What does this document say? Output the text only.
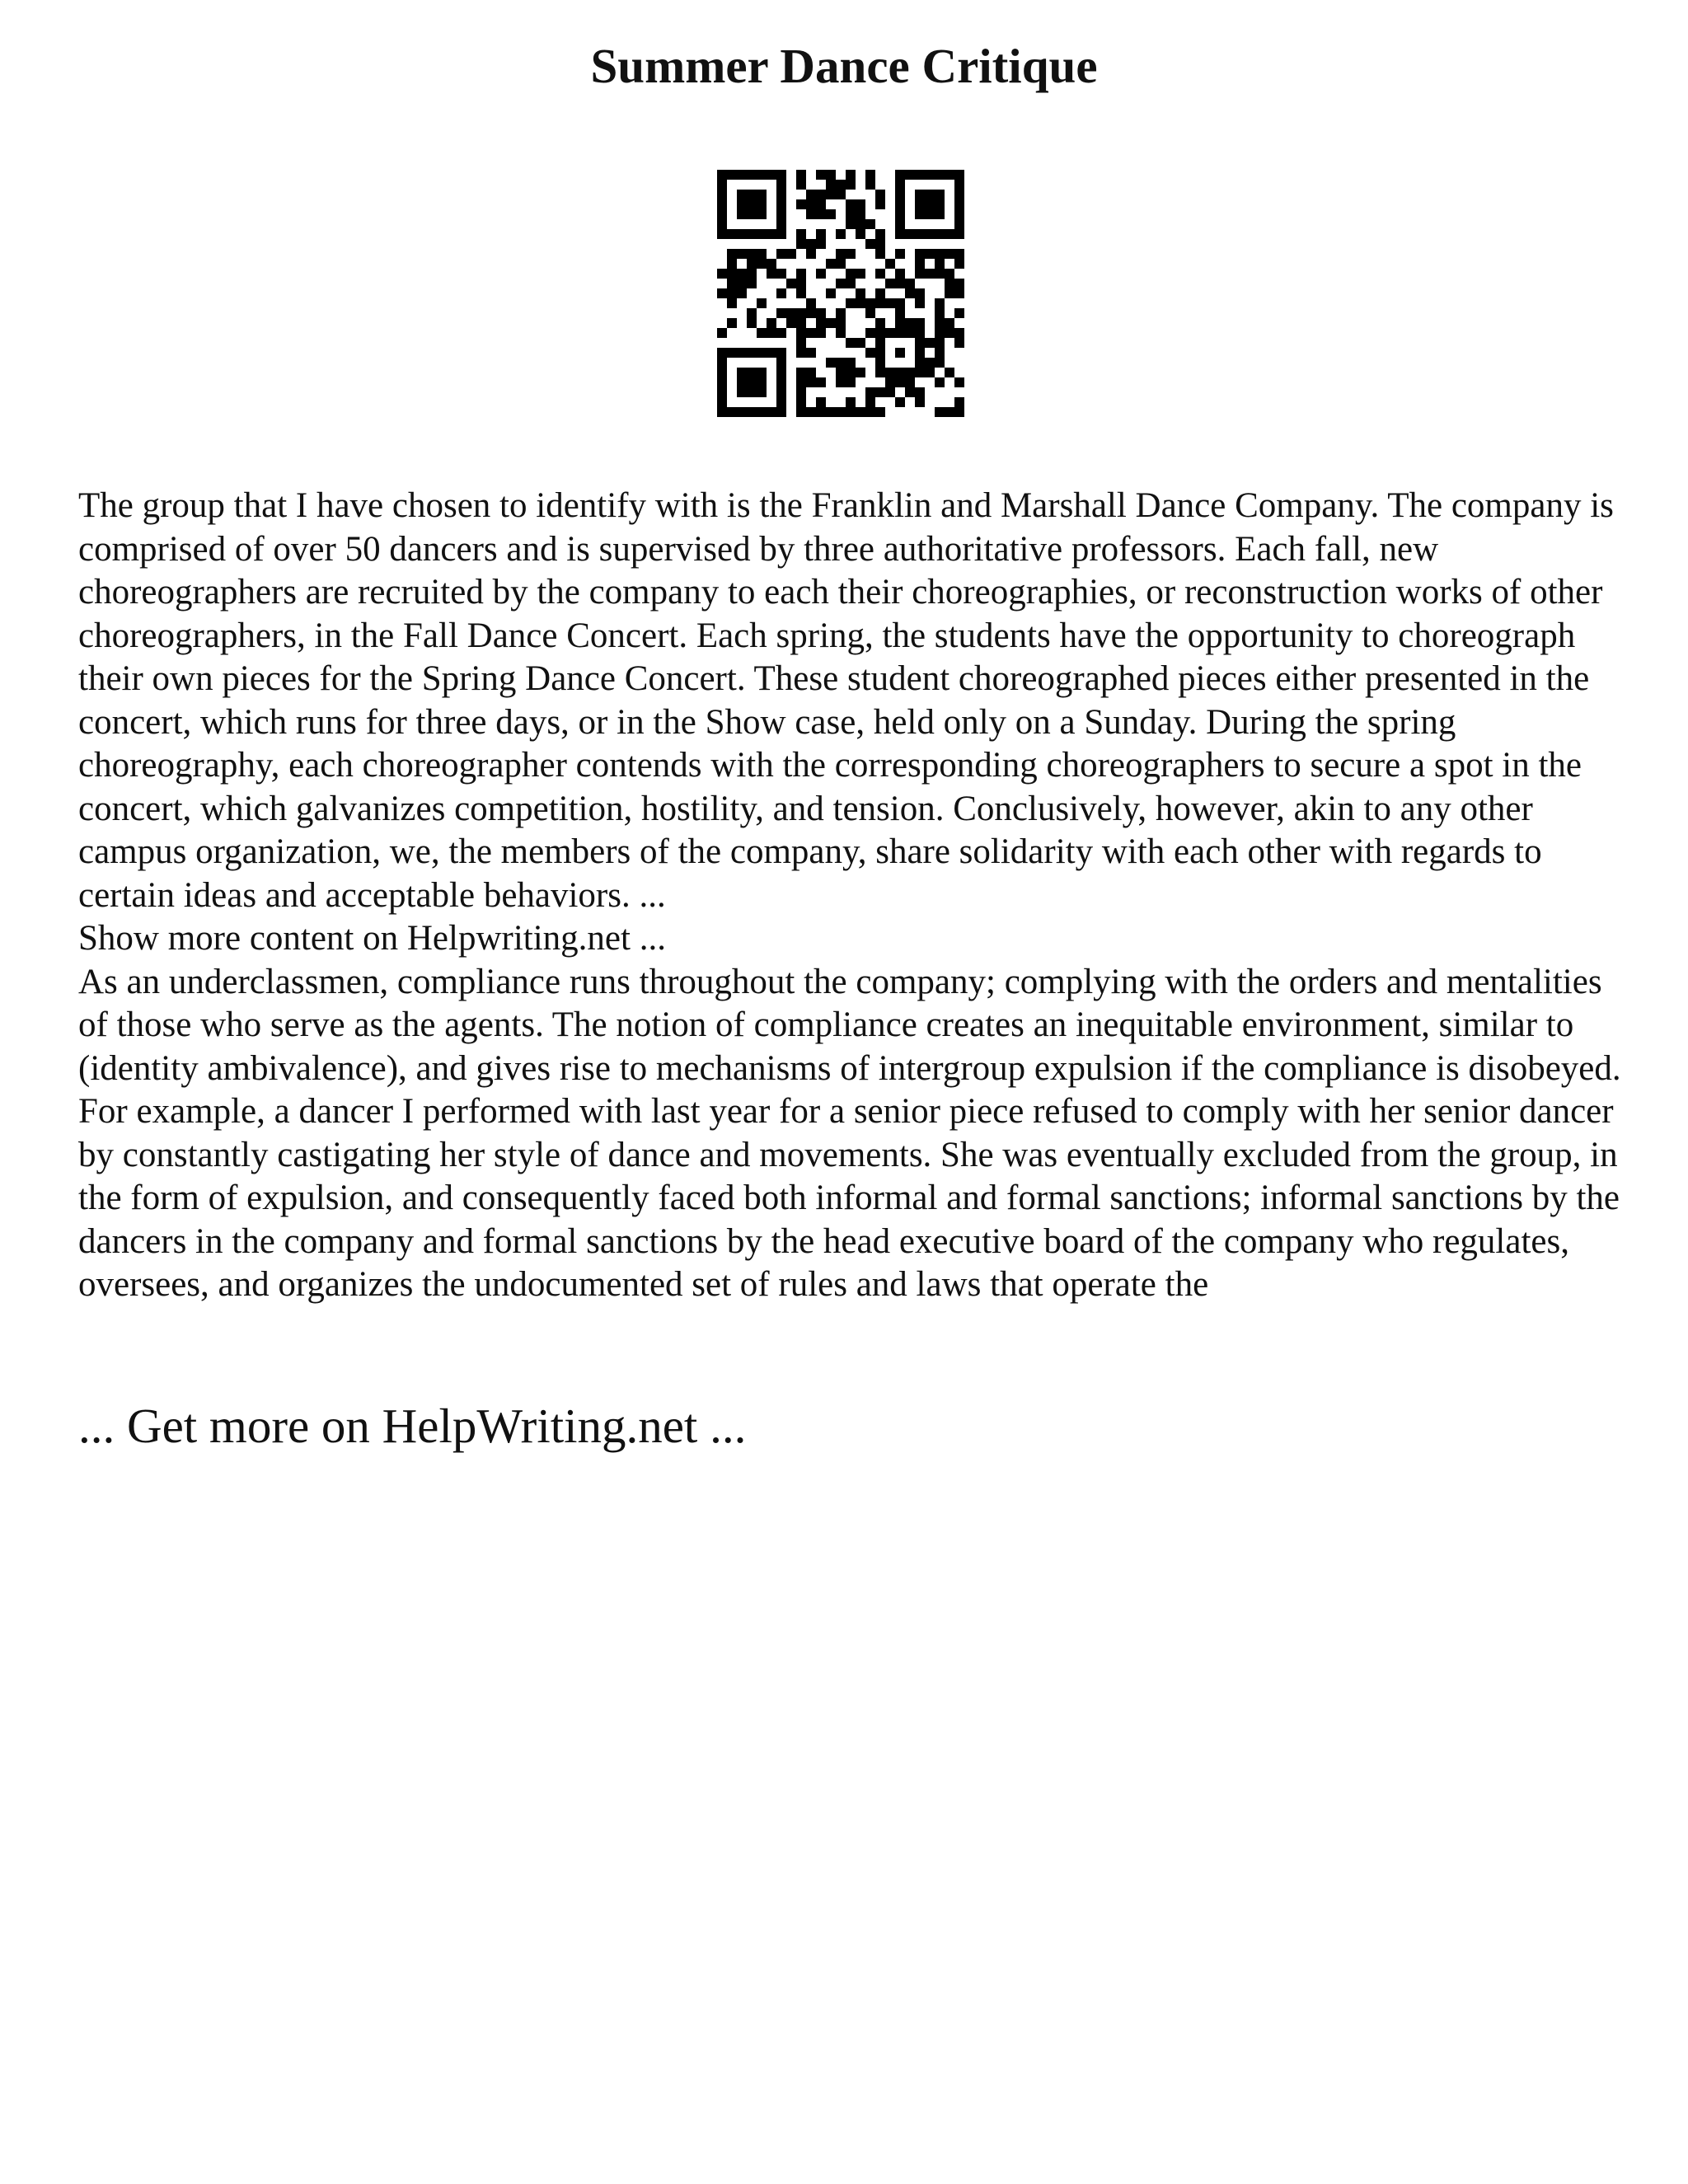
Summer Dance Critique

The group that I have chosen to identify with is the Franklin and Marshall Dance Company. The company is comprised of over 50 dancers and is supervised by three authoritative professors. Each fall, new choreographers are recruited by the company to each their choreographies, or reconstruction works of other choreographers, in the Fall Dance Concert. Each spring, the students have the opportunity to choreograph their own pieces for the Spring Dance Concert. These student choreographed pieces either presented in the concert, which runs for three days, or in the Show case, held only on a Sunday. During the spring choreography, each choreographer contends with the corresponding choreographers to secure a spot in the concert, which galvanizes competition, hostility, and tension. Conclusively, however, akin to any other campus organization, we, the members of the company, share solidarity with each other with regards to certain ideas and acceptable behaviors. ...

Show more content on Helpwriting.net ...

As an underclassmen, compliance runs throughout the company; complying with the orders and mentalities of those who serve as the agents. The notion of compliance creates an inequitable environment, similar to (identity ambivalence), and gives rise to mechanisms of intergroup expulsion if the compliance is disobeyed. For example, a dancer I performed with last year for a senior piece refused to comply with her senior dancer by constantly castigating her style of dance and movements. She was eventually excluded from the group, in the form of expulsion, and consequently faced both informal and formal sanctions; informal sanctions by the dancers in the company and formal sanctions by the head executive board of the company who regulates, oversees, and organizes the undocumented set of rules and laws that operate the

... Get more on HelpWriting.net ...
